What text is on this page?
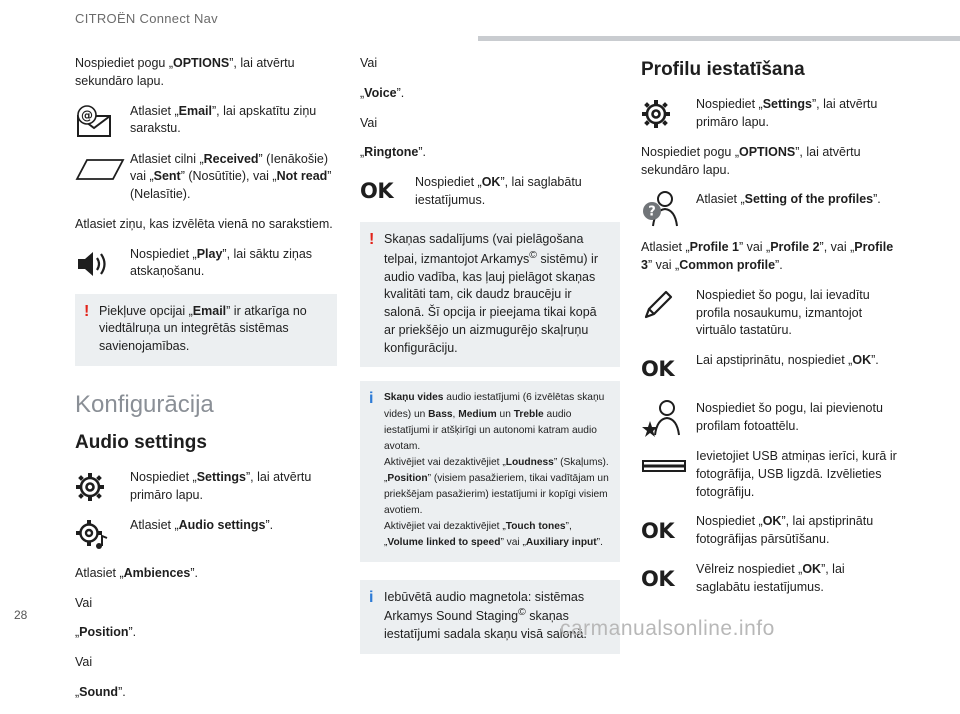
CITROËN Connect Nav

Nospiediet pogu „OPTIONS”, lai atvērtu sekundāro lapu.

@	Atlasiet „Email”, lai apskatītu ziņu sarakstu.
Atlasiet cilni „Received” (Ienākošie) vai „Sent” (Nosūtītie), vai „Not read” (Nelasītie).

Atlasiet ziņu, kas izvēlēta vienā no sarakstiem.

Nospiediet „Play”, lai sāktu ziņas atskaņošanu.
! Piekļuve opcijai „Email” ir atkarīga no viedtālruņa un integrētās sistēmas savienojamības.
Konfigurācija
Audio settings
Nospiediet „Settings”, lai atvērtu primāro lapu.
Atlasiet „Audio settings”.

Atlasiet „Ambiences”.

Vai

„Position”.

Vai

„Sound”.

Vai

„Voice”.

Vai

„Ringtone”.

OK Nospiediet „OK”, lai saglabātu iestatījumus.
! Skaņas sadalījums (vai pielāgošana telpai, izmantojot Arkamys© sistēmu) ir audio vadība, kas ļauj pielāgot skaņas kvalitāti tam, cik daudz braucēju ir salonā. Šī opcija ir pieejama tikai kopā ar priekšējo un aizmugurējo skaļruņu konfigurāciju.
i Skaņu vides audio iestatījumi (6 izvēlētas skaņu vides) un Bass, Medium un Treble audio iestatījumi ir atšķirīgi un autonomi katram audio avotam.
Aktivējiet vai dezaktivējiet „Loudness” (Skaļums).
„Position” (visiem pasažieriem, tikai vadītājam un priekšējam pasažierim) iestatījumi ir kopīgi visiem avotiem.
Aktivējiet vai dezaktivējiet „Touch tones”, „Volume linked to speed” vai „Auxiliary input”.
i Iebūvētā audio magnetola: sistēmas Arkamys Sound Staging© skaņas iestatījumi sadala skaņu visā salonā.
Profilu iestatīšana
Nospiediet „Settings”, lai atvērtu primāro lapu.

Nospiediet pogu „OPTIONS”, lai atvērtu sekundāro lapu.

?
Atlasiet „Setting of the profiles”.

Atlasiet „Profile 1” vai „Profile 2”, vai „Profile 3” vai „Common profile”.

Nospiediet šo pogu, lai ievadītu profila nosaukumu, izmantojot virtuālo tastatūru.
OK Lai apstiprinātu, nospiediet „OK”.
Nospiediet šo pogu, lai pievienotu profilam fotoattēlu.
Ievietojiet USB atmiņas ierīci, kurā ir fotogrāfija, USB ligzdā. Izvēlieties fotogrāfiju.
OK Nospiediet „OK”, lai apstiprinātu fotogrāfijas pārsūtīšanu.
OK Vēlreiz nospiediet „OK”, lai saglabātu iestatījumus.
28
carmanualsonline.info
